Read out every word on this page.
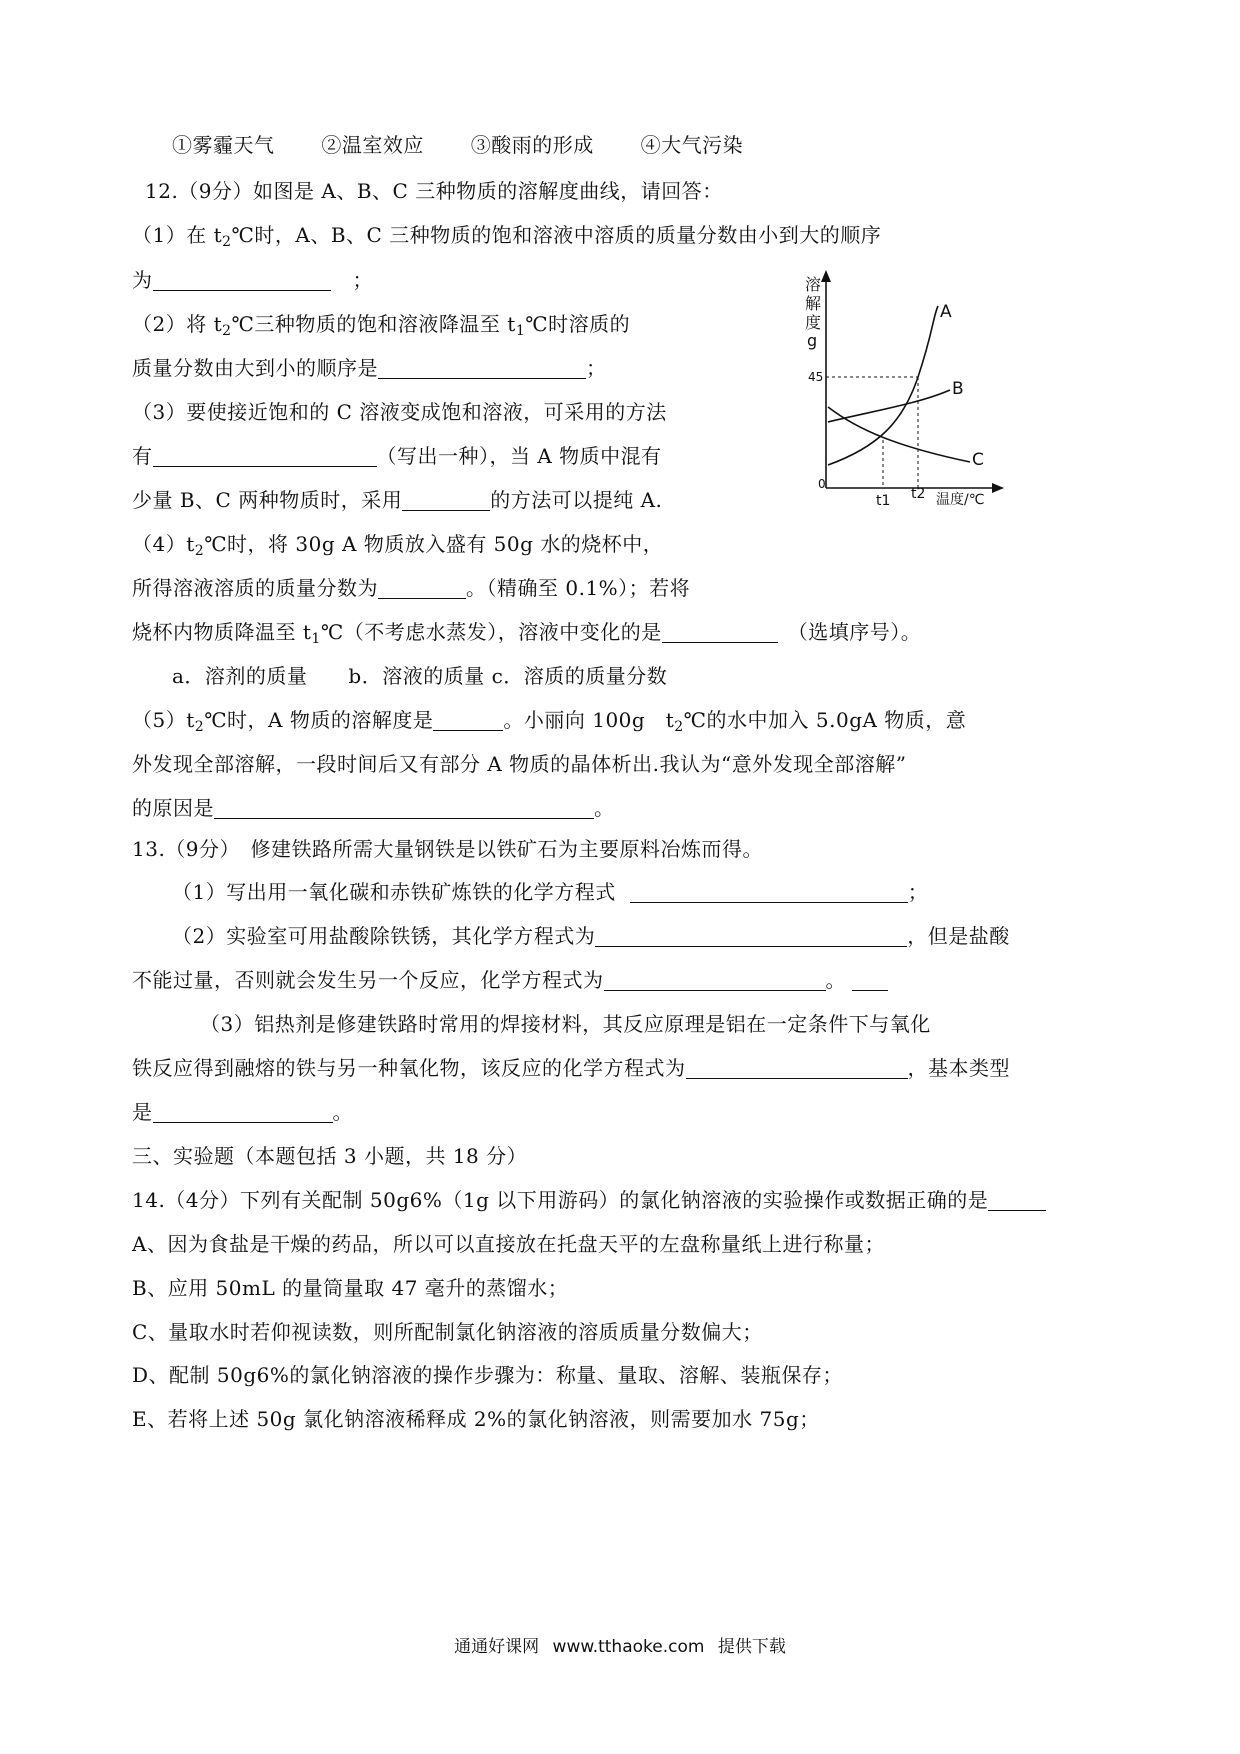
①雾霾天气 ②温室效应 ③酸雨的形成 ④大气污染
12.（9分）如图是 A、B、C 三种物质的溶解度曲线，请回答：
（1）在 $t_2℃$时，A、B、C 三种物质的饱和溶液中溶质的质量分数由小到大的顺序
为	；
（2）将 $t_2℃$三种物质的饱和溶液降温至 $t_1℃$时溶质的
质量分数由大到小的顺序是	；
（3）要使接近饱和的 C 溶液变成饱和溶液，可采用的方法
有	（写出一种），当 A 物质中混有
少量 B、C 两种物质时，采用	的方法可以提纯 A.
$(4)t_2℃$时，将 30g A 物质放入盛有 50g 水的烧杯中，
所得溶液溶质的质量分数为	。（精确至 0.1%）；若将
烧杯内物质降温至 $t_1℃$（不考虑水蒸发），溶液中变化的是	（选填序号）。
a．溶剂的质量　　b．溶液的质量 c．溶质的质量分数
$(5)t_2℃$时，A 物质的溶解度是	。小丽向 100g　$t_2℃$的水中加入 5.0gA 物质，意
外发现全部溶解，一段时间后又有部分 A 物质的晶体析出.我认为“意外发现全部溶解”
的原因是	。
溶
解
度
g
45
0
t1 t2 温度/℃
A
B
C
13.（9分）　修建铁路所需大量钢铁是以铁矿石为主要原料冶炼而得。
（1）写出用一氧化碳和赤铁矿炼铁的化学方程式	；
（2）实验室可用盐酸除铁锈，其化学方程式为	，但是盐酸
不能过量，否则就会发生另一个反应，化学方程式为	。
（3）铝热剂是修建铁路时常用的焊接材料，其反应原理是铝在一定条件下与氧化
铁反应得到融熔的铁与另一种氧化物，该反应的化学方程式为	，基本类型
是	。
三、实验题（本题包括 3 小题，共 18 分）
14.（4分）下列有关配制 50g6%（1g 以下用游码）的氯化钠溶液的实验操作或数据正确的是
A、因为食盐是干燥的药品，所以可以直接放在托盘天平的左盘称量纸上进行称量；
B、应用 50mL 的量筒量取 47 毫升的蒸馏水；
C、量取水时若仰视读数，则所配制氯化钠溶液的溶质质量分数偏大；
D、配制 50g6%的氯化钠溶液的操作步骤为：称量、量取、溶解、装瓶保存；
E、若将上述 50g 氯化钠溶液稀释成 2%的氯化钠溶液，则需要加水 75g；
通通好课网 www.tthaoke.com 提供下载
